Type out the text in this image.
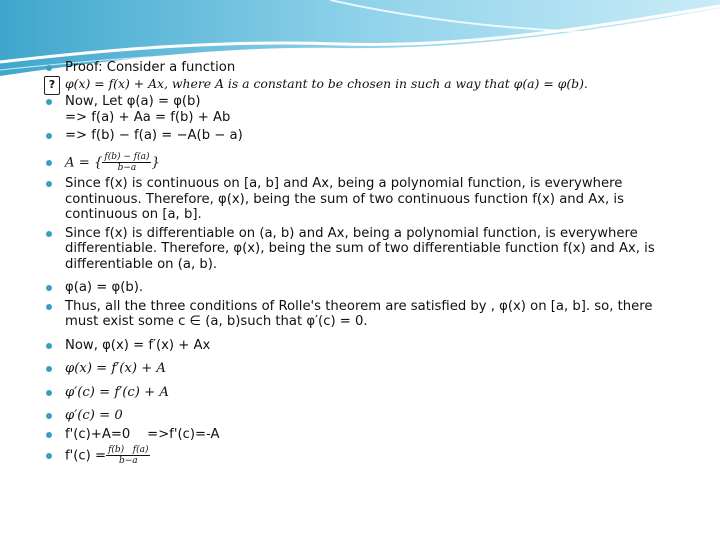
?
Proof: Consider a function
φ(x) = f(x) + Ax, where A is a constant to be chosen in such a way that φ(a) = φ(b).
Now, Let φ(a) = φ(b)
=> f(a) + Aa = f(b) + Ab
=> f(b) − f(a) = −A(b − a)
A = { $\frac{f(b) - f(a)}{b-a}$ }
Since f(x) is continuous on [a, b] and Ax, being a polynomial function, is everywhere continuous. Therefore, φ(x), being the sum of two continuous function f(x) and Ax, is continuous on [a, b].
Since f(x) is differentiable on (a, b) and Ax, being a polynomial function, is everywhere differentiable. Therefore, φ(x), being the sum of two differentiable function f(x) and Ax, is differentiable on (a, b).
φ(a) = φ(b).
Thus, all the three conditions of Rolle's theorem are satisfied by , φ(x) on [a, b]. so, there must exist some c ∈ (a, b)such that φ′(c) = 0.
Now, φ(x) = f′(x) + Ax
φ(x) = f′(x) + A
φ′(c) = f′(c) + A
φ′(c) = 0
f'(c)+A=0    =>f'(c)=-A
$f'(c) = \frac{f(b) f(a)}{b-a}$
